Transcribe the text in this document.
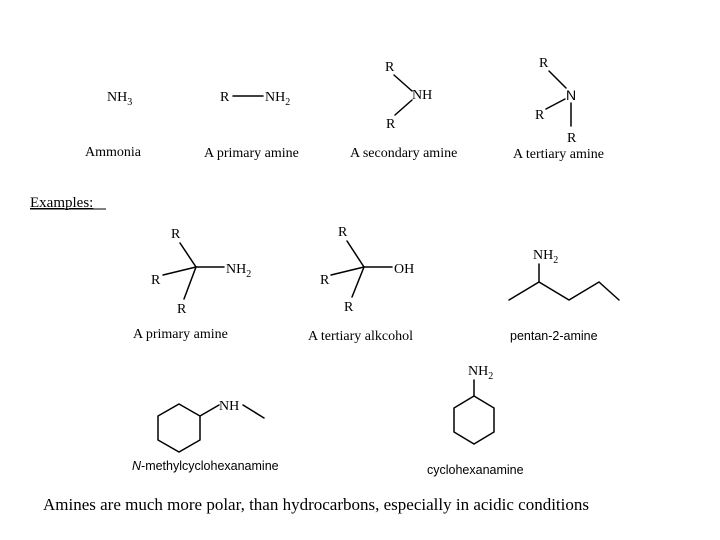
$NH_3$
Ammonia
R	$NH_2$
A primary amine
R
NH
R
A secondary amine
R
N
R
R
A tertiary amine
Examples:
R
$NH_2$
R
R
A primary amine
R
OH
R
R
A tertiary alkcohol
$NH_2$
pentan-2-amine
NH
N-methylcyclohexanamine
$NH_2$
cyclohexanamine
Amines are much more polar, than hydrocarbons, especially in acidic conditions
